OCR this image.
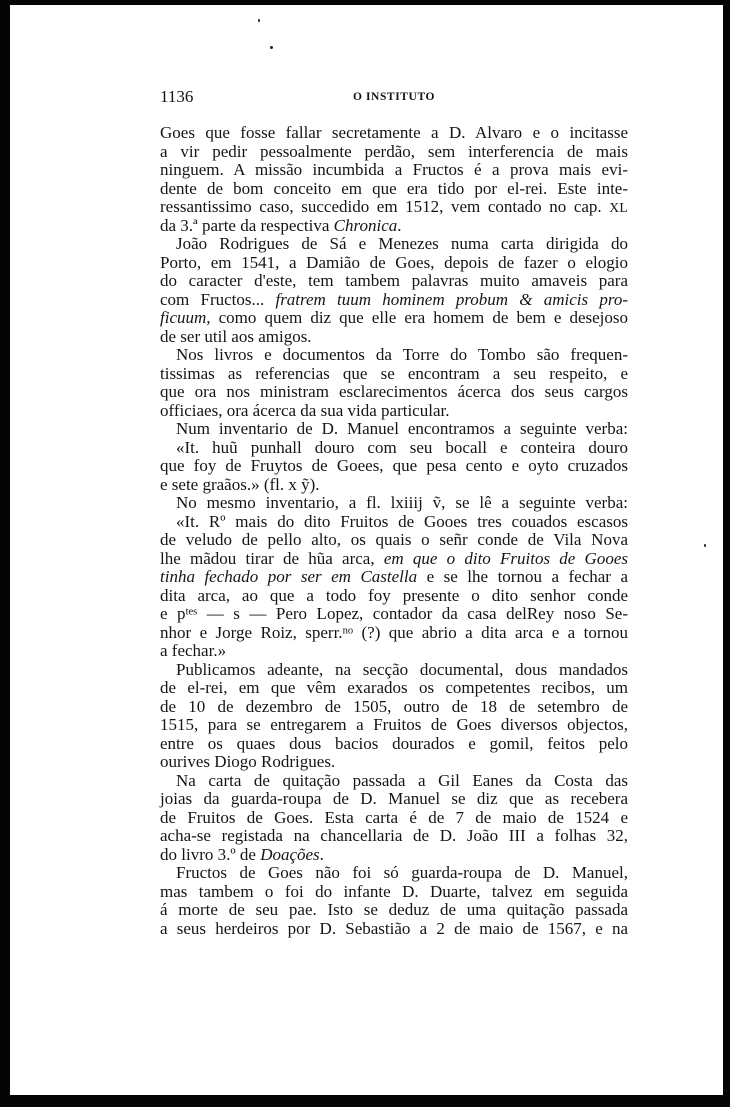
1136	O INSTITUTO
Goes que fosse fallar secretamente a D. Alvaro e o incitasse
a vir pedir pessoalmente perdão, sem interferencia de mais
ninguem. A missão incumbida a Fructos é a prova mais evi-
dente de bom conceito em que era tido por el-rei. Este inte-
ressantissimo caso, succedido em 1512, vem contado no cap. XL
da 3.ª parte da respectiva Chronica.
João Rodrigues de Sá e Menezes numa carta dirigida do
Porto, em 1541, a Damião de Goes, depois de fazer o elogio
do caracter d'este, tem tambem palavras muito amaveis para
com Fructos... fratrem tuum hominem probum & amicis pro-
ficuum, como quem diz que elle era homem de bem e desejoso
de ser util aos amigos.
Nos livros e documentos da Torre do Tombo são frequen-
tissimas as referencias que se encontram a seu respeito, e
que ora nos ministram esclarecimentos ácerca dos seus cargos
officiaes, ora ácerca da sua vida particular.
Num inventario de D. Manuel encontramos a seguinte verba:
«It. huũ punhall douro com seu bocall e conteira douro
que foy de Fruytos de Goees, que pesa cento e oyto cruzados
e sete graãos.» (fl. x ỹ).
No mesmo inventario, a fl. lxiiij ṽ, se lê a seguinte verba:
«It. Rº mais do dito Fruitos de Gooes tres couados escasos
de veludo de pello alto, os quais o señr conde de Vila Nova
lhe mãdou tirar de hũa arca, em que o dito Fruitos de Gooes
tinha fechado por ser em Castella e se lhe tornou a fechar a
dita arca, ao que a todo foy presente o dito senhor conde
e $p^{tes}$ — s — Pero Lopez, contador da casa delRey noso Se-
nhor e Jorge Roiz, sperr.$^{no}$ (?) que abrio a dita arca e a tornou
a fechar.»
Publicamos adeante, na secção documental, dous mandados
de el-rei, em que vêm exarados os competentes recibos, um
de 10 de dezembro de 1505, outro de 18 de setembro de
1515, para se entregarem a Fruitos de Goes diversos objectos,
entre os quaes dous bacios dourados e gomil, feitos pelo
ourives Diogo Rodrigues.
Na carta de quitação passada a Gil Eanes da Costa das
joias da guarda-roupa de D. Manuel se diz que as recebera
de Fruitos de Goes. Esta carta é de 7 de maio de 1524 e
acha-se registada na chancellaria de D. João III a folhas 32,
do livro 3.º de Doações.
Fructos de Goes não foi só guarda-roupa de D. Manuel,
mas tambem o foi do infante D. Duarte, talvez em seguida
á morte de seu pae. Isto se deduz de uma quitação passada
a seus herdeiros por D. Sebastião a 2 de maio de 1567, e na
